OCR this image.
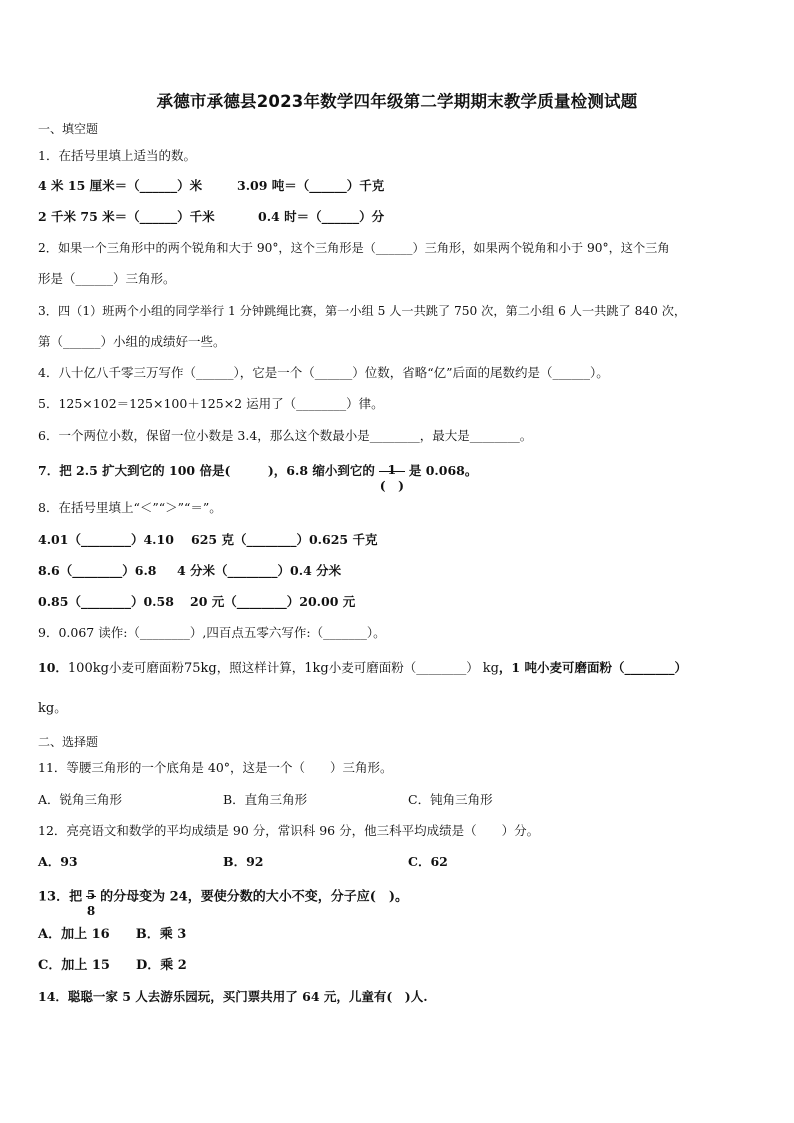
承德市承德县2023年数学四年级第二学期期末教学质量检测试题
一、填空题
1．在括号里填上适当的数。
4 米 15 厘米＝（______）米	3.09 吨＝（______）千克
2 千米 75 米＝（______）千米	0.4 时＝（______）分
2．如果一个三角形中的两个锐角和大于 90°，这个三角形是（______）三角形，如果两个锐角和小于 90°，这个三角
形是（______）三角形。
3．四（1）班两个小组的同学举行 1 分钟跳绳比赛，第一小组 5 人一共跳了 750 次，第二小组 6 人一共跳了 840 次，
第（______）小组的成绩好一些。
4．八十亿八千零三万写作（______），它是一个（______）位数，省略“亿”后面的尾数约是（______）。
5．125×102＝125×100＋125×2 运用了（________）律。
6．一个两位小数，保留一位小数是 3.4，那么这个数最小是________，最大是________。
7．把 2.5 扩大到它的 100 倍是(　　　)，6.8 缩小到它的	1
(　)
是 0.068。
8．在括号里填上“＜”“＞”“＝”。
4.01（________）4.10 625 克（________）0.625 千克
8.6（________）6.8 4 分米（________）0.4 分米
0.85（________）0.58 20 元（________）20.00 元
9．0.067 读作:（________）,四百点五零六写作:（_______）。
10．100kg小麦可磨面粉75kg，照这样计算，1kg小麦可磨面粉（________） kg，1 吨小麦可磨面粉（________）
kg。
二、选择题
11．等腰三角形的一个底角是 40°，这是一个（　　）三角形。
A．锐角三角形	B．直角三角形	C．钝角三角形
12．亮亮语文和数学的平均成绩是 90 分，常识科 96 分，他三科平均成绩是（　　）分。
A．93	B．92	C．62
13．把 5
8
的分母变为 24，要使分数的大小不变，分子应(　)。
A．加上 16　　B．乘 3
C．加上 15　　D．乘 2
14．聪聪一家 5 人去游乐园玩，买门票共用了 64 元，儿童有(　)人.
